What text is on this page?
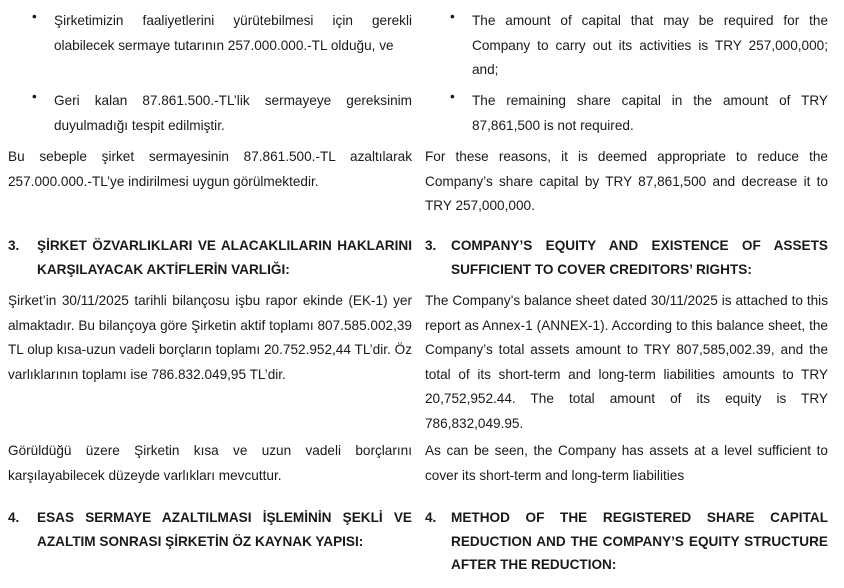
• Şirketimizin faaliyetlerini yürütebilmesi için gerekli olabilecek sermaye tutarının 257.000.000.-TL olduğu, ve
• Geri kalan 87.861.500.-TL’lik sermayeye gereksinim duyulmadığı tespit edilmiştir.
Bu sebeple şirket sermayesinin 87.861.500.-TL azaltılarak 257.000.000.-TL’ye indirilmesi uygun görülmektedir.
3. ŞİRKET ÖZVARLIKLARI VE ALACAKLILARIN HAKLARINI KARŞILAYACAK AKTİFLERİN VARLIĞI:
Şirket’in 30/11/2025 tarihli bilançosu işbu rapor ekinde (EK-1) yer almaktadır. Bu bilançoya göre Şirketin aktif toplamı 807.585.002,39 TL olup kısa-uzun vadeli borçların toplamı 20.752.952,44 TL’dir. Öz varlıklarının toplamı ise 786.832.049,95 TL’dir.
Görüldüğü üzere Şirketin kısa ve uzun vadeli borçlarını karşılayabilecek düzeyde varlıkları mevcuttur.
4. ESAS SERMAYE AZALTILMASI İŞLEMİNİN ŞEKLİ VE AZALTIM SONRASI ŞİRKETİN ÖZ KAYNAK YAPISI:
• The amount of capital that may be required for the Company to carry out its activities is TRY 257,000,000; and;
• The remaining share capital in the amount of TRY 87,861,500 is not required.
For these reasons, it is deemed appropriate to reduce the Company’s share capital by TRY 87,861,500 and decrease it to TRY 257,000,000.
3. COMPANY’S EQUITY AND EXISTENCE OF ASSETS SUFFICIENT TO COVER CREDITORS’ RIGHTS:
The Company’s balance sheet dated 30/11/2025 is attached to this report as Annex-1 (ANNEX-1). According to this balance sheet, the Company’s total assets amount to TRY 807,585,002.39, and the total of its short-term and long-term liabilities amounts to TRY 20,752,952.44. The total amount of its equity is TRY 786,832,049.95.
As can be seen, the Company has assets at a level sufficient to cover its short-term and long-term liabilities
4. METHOD OF THE REGISTERED SHARE CAPITAL REDUCTION AND THE COMPANY’S EQUITY STRUCTURE AFTER THE REDUCTION:
